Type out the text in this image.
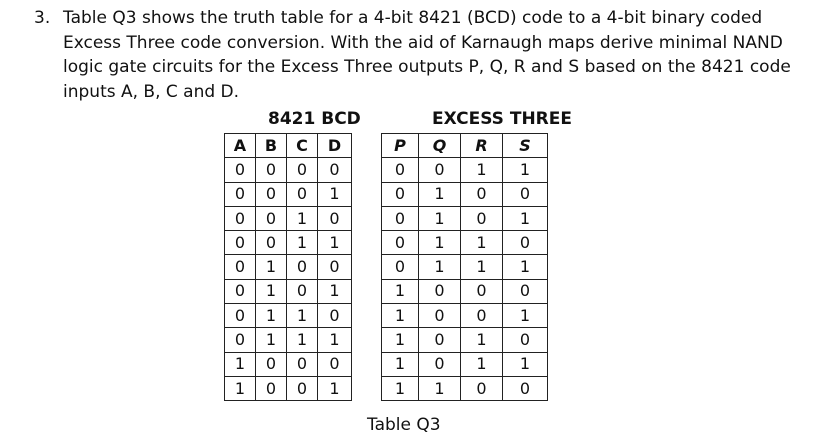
3. Table Q3 shows the truth table for a 4-bit 8421 (BCD) code to a 4-bit binary coded
Excess Three code conversion. With the aid of Karnaugh maps derive minimal NAND
logic gate circuits for the Excess Three outputs P, Q, R and S based on the 8421 code
inputs A, B, C and D.
8421 BCD	EXCESS THREE
A	B	C	D		P	Q	R	S
0	0	0	0		0	0	1	1
0	0	0	1		0	1	0	0
0	0	1	0		0	1	0	1
0	0	1	1		0	1	1	0
0	1	0	0		0	1	1	1
0	1	0	1		1	0	0	0
0	1	1	0		1	0	0	1
0	1	1	1		1	0	1	0
1	0	0	0		1	0	1	1
1	0	0	1		1	1	0	0
Table Q3
